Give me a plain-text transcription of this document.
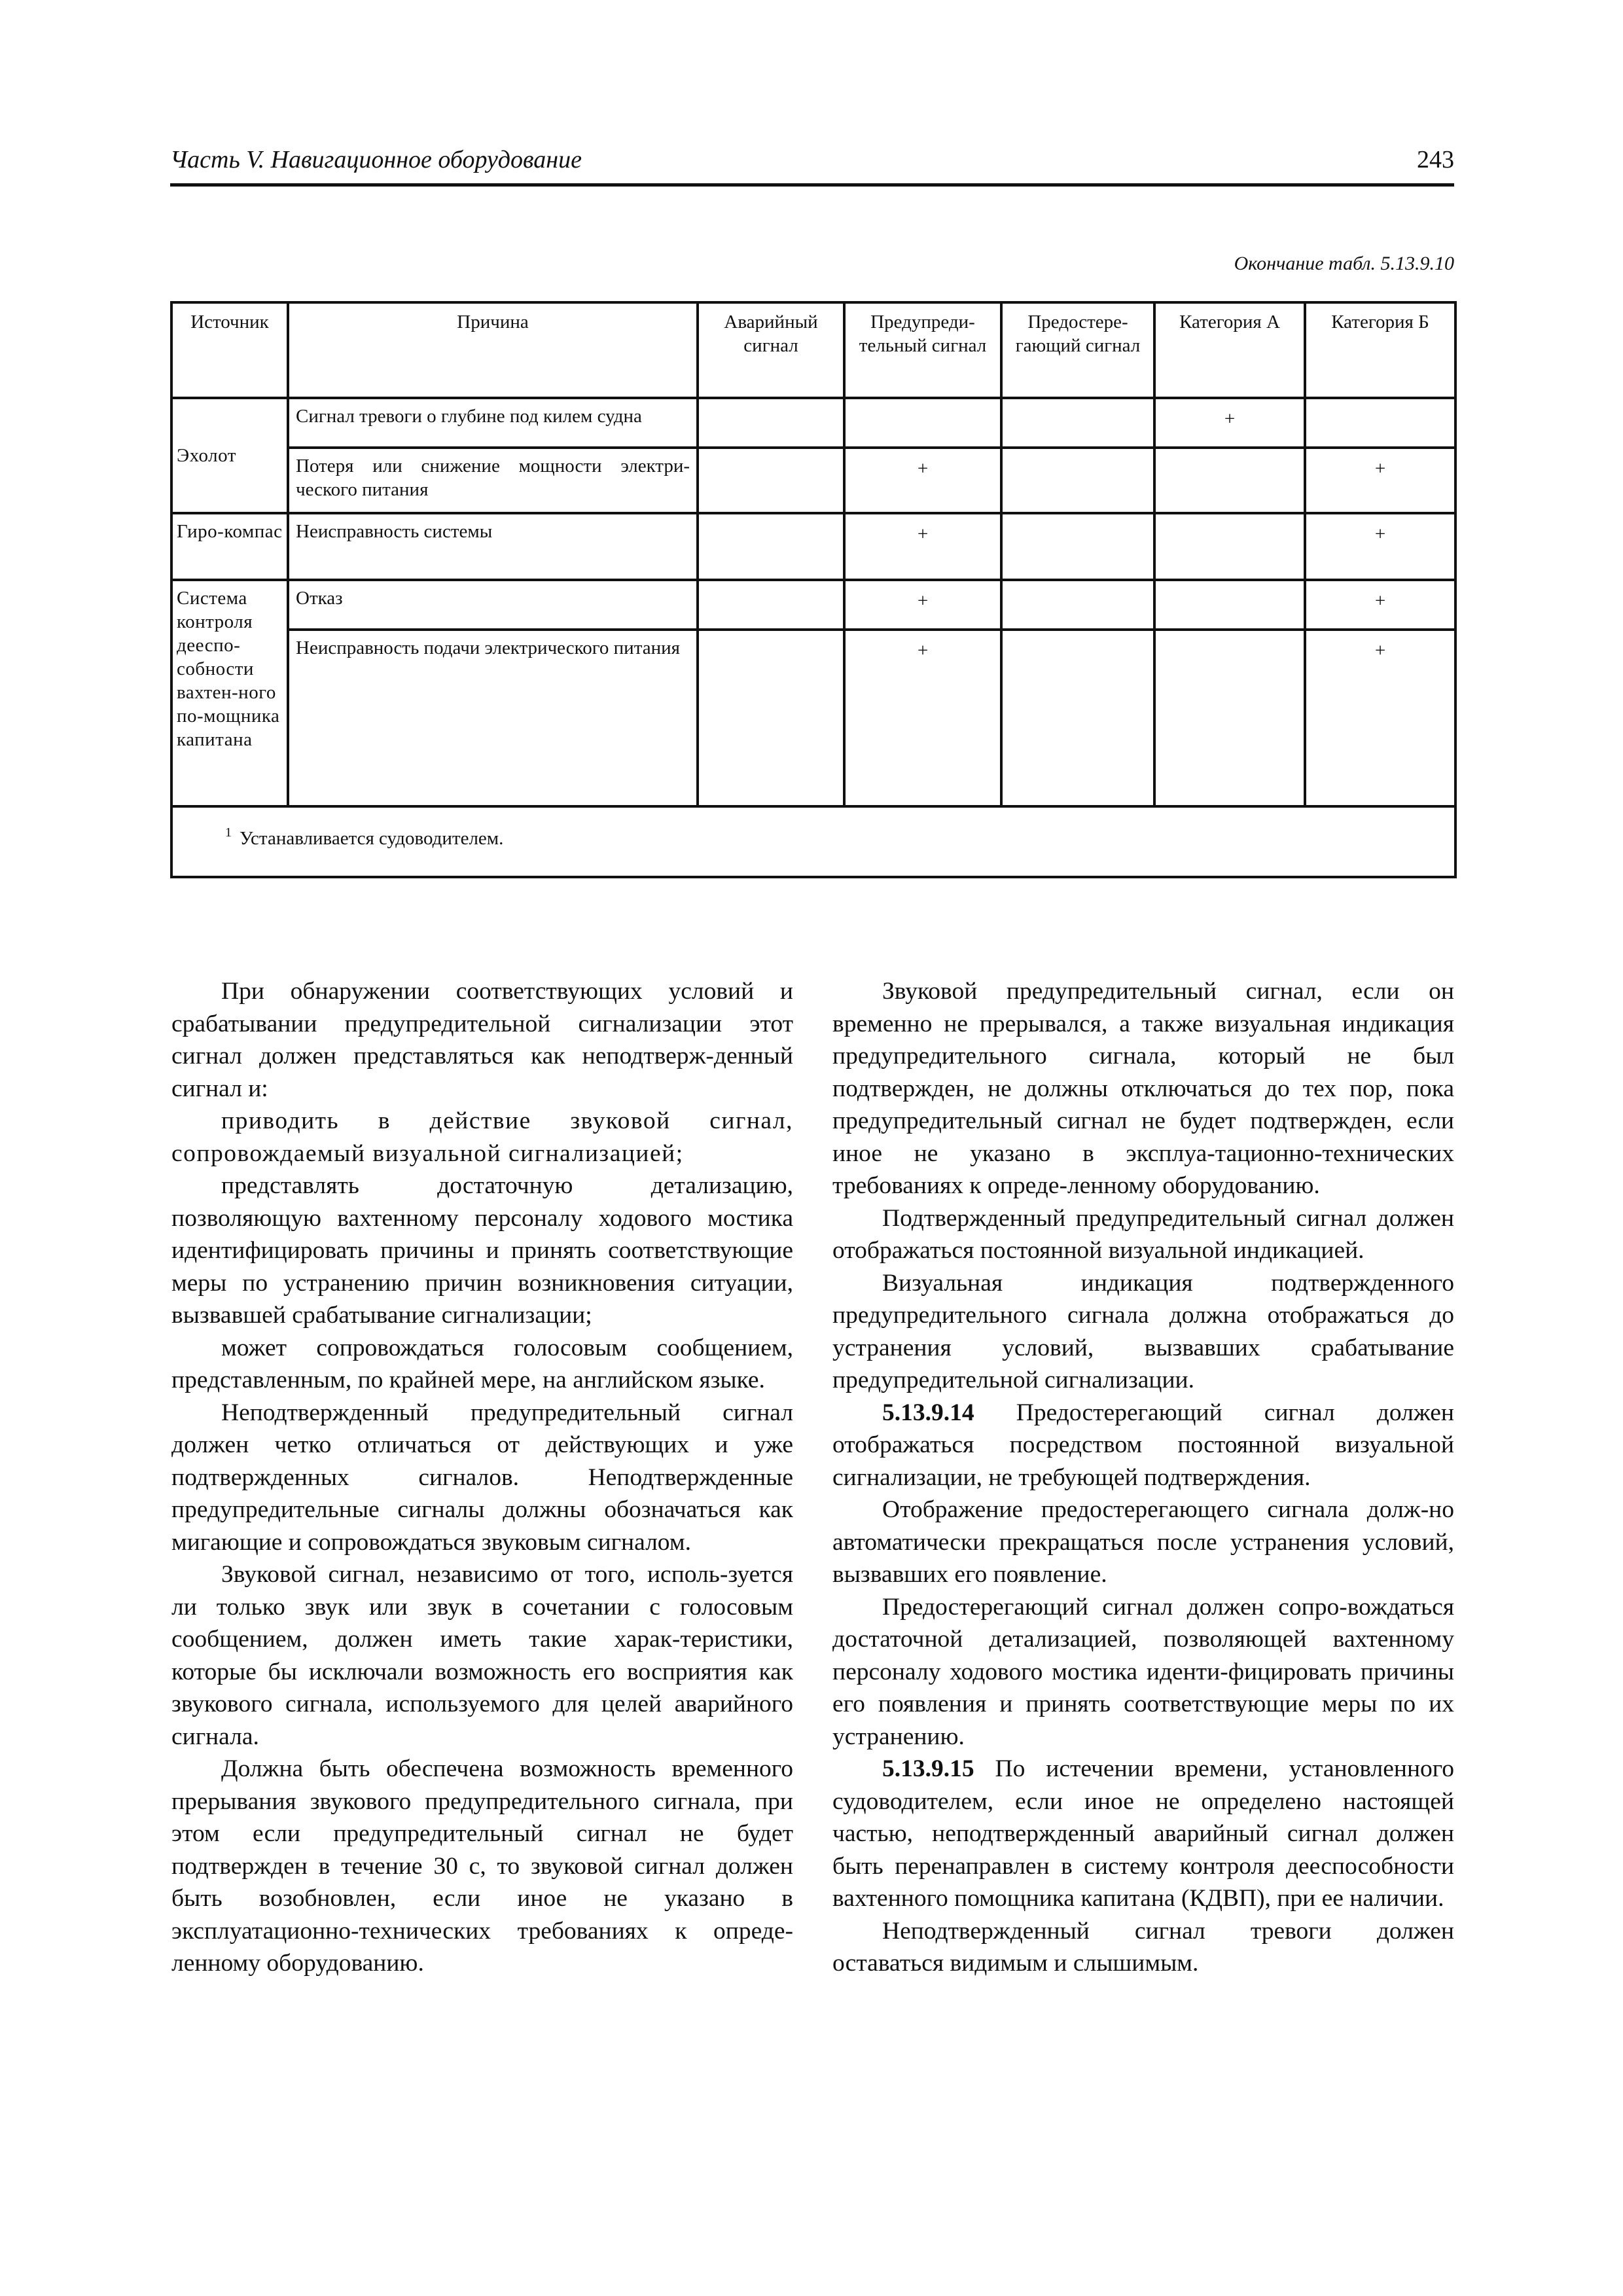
Часть V. Навигационное оборудование	243
Окончание табл. 5.13.9.10
Источник	Причина	Аварийный сигнал	Предупреди-тельный сигнал	Предостере-гающий сигнал	Категория А	Категория Б
Эхолот	Сигнал тревоги о глубине под килем судна				+	
	Потеря или снижение мощности электри-ческого питания		+			+
Гиро-компас	Неисправность системы		+			+
Система контроля дееспо-собности вахтен-ного по-мощника капитана	Отказ		+			+
	Неисправность подачи электрического питания		+			+
$^1$ Устанавливается судоводителем.						

При обнаружении соответствующих условий и срабатывании предупредительной сигнализации этот сигнал должен представляться как неподтверж-денный сигнал и:

приводить в действие звуковой сигнал, сопровождаемый визуальной сигнализацией;

представлять достаточную детализацию, позволяющую вахтенному персоналу ходового мостика идентифицировать причины и принять соответствующие меры по устранению причин возникновения ситуации, вызвавшей срабатывание сигнализации;

может сопровождаться голосовым сообщением, представленным, по крайней мере, на английском языке.

Неподтвержденный предупредительный сигнал должен четко отличаться от действующих и уже подтвержденных сигналов. Неподтвержденные предупредительные сигналы должны обозначаться как мигающие и сопровождаться звуковым сигналом.

Звуковой сигнал, независимо от того, исполь-зуется ли только звук или звук в сочетании с голосовым сообщением, должен иметь такие харак-теристики, которые бы исключали возможность его восприятия как звукового сигнала, используемого для целей аварийного сигнала.

Должна быть обеспечена возможность временного прерывания звукового предупредительного сигнала, при этом если предупредительный сигнал не будет подтвержден в течение 30 с, то звуковой сигнал должен быть возобновлен, если иное не указано в эксплуатационно-технических требованиях к опреде-ленному оборудованию.

Звуковой предупредительный сигнал, если он временно не прерывался, а также визуальная индикация предупредительного сигнала, который не был подтвержден, не должны отключаться до тех пор, пока предупредительный сигнал не будет подтвержден, если иное не указано в эксплуа-тационно-технических требованиях к опреде-ленному оборудованию.

Подтвержденный предупредительный сигнал должен отображаться постоянной визуальной индикацией.

Визуальная индикация подтвержденного предупредительного сигнала должна отображаться до устранения условий, вызвавших срабатывание предупредительной сигнализации.

5.13.9.14 Предостерегающий сигнал должен отображаться посредством постоянной визуальной сигнализации, не требующей подтверждения.

Отображение предостерегающего сигнала долж-но автоматически прекращаться после устранения условий, вызвавших его появление.

Предостерегающий сигнал должен сопро-вождаться достаточной детализацией, позволяющей вахтенному персоналу ходового мостика иденти-фицировать причины его появления и принять соответствующие меры по их устранению.

5.13.9.15 По истечении времени, установленного судоводителем, если иное не определено настоящей частью, неподтвержденный аварийный сигнал должен быть перенаправлен в систему контроля дееспособности вахтенного помощника капитана (КДВП), при ее наличии.

Неподтвержденный сигнал тревоги должен оставаться видимым и слышимым.
